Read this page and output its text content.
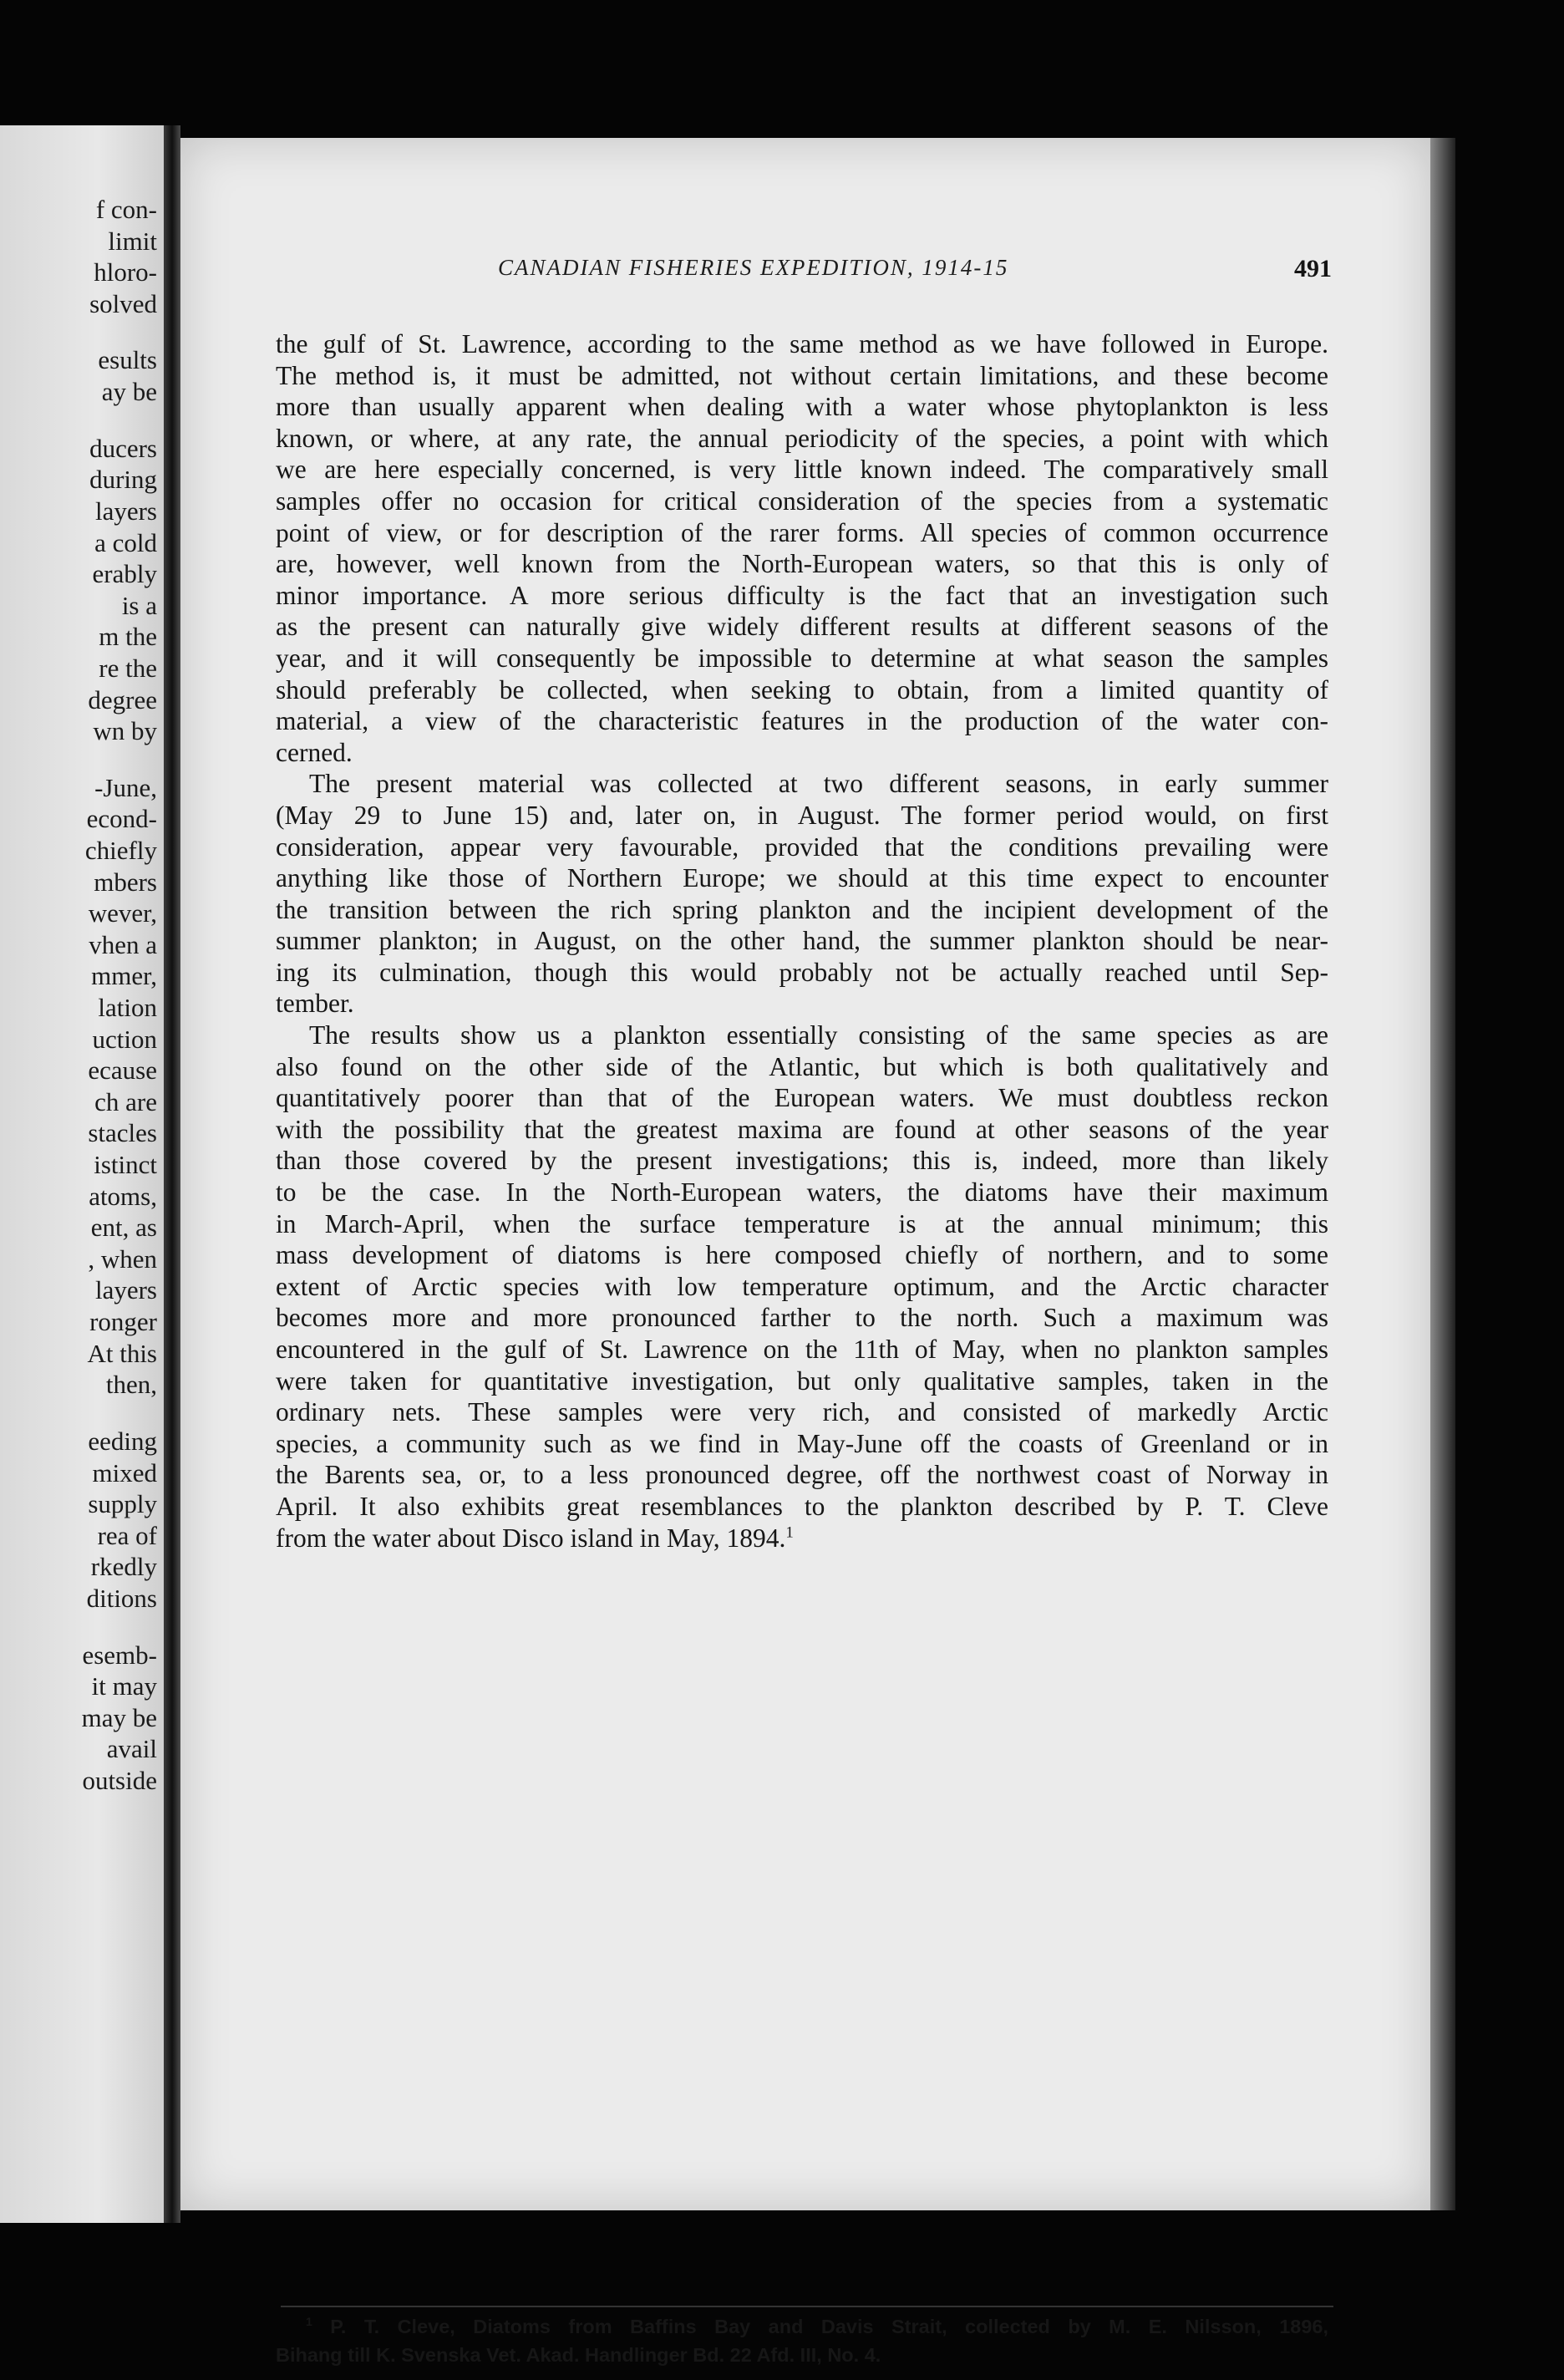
f con-
limit
hloro-
solved
esults
ay be
ducers
during
layers
a cold
erably
is a
m the
re the
degree
wn by
-June,
econd-
chiefly
mbers
wever,
vhen a
mmer,
lation
uction
ecause
ch are
stacles
istinct
atoms,
ent, as
, when
layers
ronger
At this
then,
eeding
mixed
supply
rea of
rkedly
ditions
esemb-
it may
may be
avail
outside
CANADIAN FISHERIES EXPEDITION, 1914-15	491
the gulf of St. Lawrence, according to the same method as we have followed in Europe.
The method is, it must be admitted, not without certain limitations, and these become
more than usually apparent when dealing with a water whose phytoplankton is less
known, or where, at any rate, the annual periodicity of the species, a point with which
we are here especially concerned, is very little known indeed. The comparatively small
samples offer no occasion for critical consideration of the species from a systematic
point of view, or for description of the rarer forms. All species of common occurrence
are, however, well known from the North-European waters, so that this is only of
minor importance. A more serious difficulty is the fact that an investigation such
as the present can naturally give widely different results at different seasons of the
year, and it will consequently be impossible to determine at what season the samples
should preferably be collected, when seeking to obtain, from a limited quantity of
material, a view of the characteristic features in the production of the water con-
cerned.
The present material was collected at two different seasons, in early summer
(May 29 to June 15) and, later on, in August. The former period would, on first
consideration, appear very favourable, provided that the conditions prevailing were
anything like those of Northern Europe; we should at this time expect to encounter
the transition between the rich spring plankton and the incipient development of the
summer plankton; in August, on the other hand, the summer plankton should be near-
ing its culmination, though this would probably not be actually reached until Sep-
tember.
The results show us a plankton essentially consisting of the same species as are
also found on the other side of the Atlantic, but which is both qualitatively and
quantitatively poorer than that of the European waters. We must doubtless reckon
with the possibility that the greatest maxima are found at other seasons of the year
than those covered by the present investigations; this is, indeed, more than likely
to be the case. In the North-European waters, the diatoms have their maximum
in March-April, when the surface temperature is at the annual minimum; this
mass development of diatoms is here composed chiefly of northern, and to some
extent of Arctic species with low temperature optimum, and the Arctic character
becomes more and more pronounced farther to the north. Such a maximum was
encountered in the gulf of St. Lawrence on the 11th of May, when no plankton samples
were taken for quantitative investigation, but only qualitative samples, taken in the
ordinary nets. These samples were very rich, and consisted of markedly Arctic
species, a community such as we find in May-June off the coasts of Greenland or in
the Barents sea, or, to a less pronounced degree, off the northwest coast of Norway in
April. It also exhibits great resemblances to the plankton described by P. T. Cleve
from the water about Disco island in May, 1894.$^1$
$^1$ P. T. Cleve, Diatoms from Baffins Bay and Davis Strait, collected by M. E. Nilsson, 1896,
Bihang till K. Svenska Vet. Akad. Handlinger Bd. 22 Afd. III, No. 4.
